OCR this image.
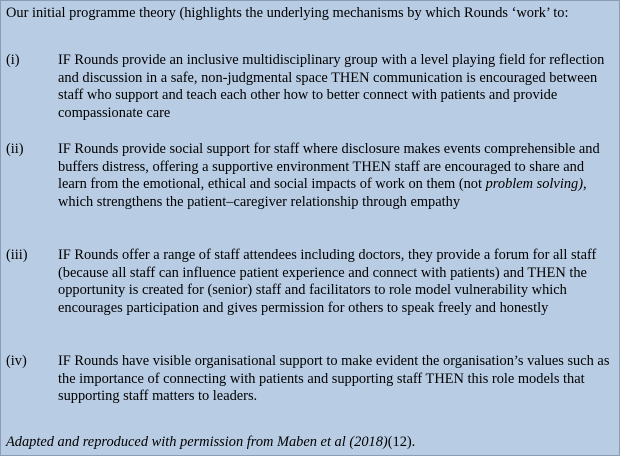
Our initial programme theory (highlights the underlying mechanisms by which Rounds ‘work’ to:

(i)	IF Rounds provide an inclusive multidisciplinary group with a level playing field for reflection and discussion in a safe, non-judgmental space THEN communication is encouraged between staff who support and teach each other how to better connect with patients and provide compassionate care
(ii)	IF Rounds provide social support for staff where disclosure makes events comprehensible and buffers distress, offering a supportive environment THEN staff are encouraged to share and learn from the emotional, ethical and social impacts of work on them (not problem solving), which strengthens the patient–caregiver relationship through empathy
(iii)	IF Rounds offer a range of staff attendees including doctors, they provide a forum for all staff (because all staff can influence patient experience and connect with patients) and THEN the opportunity is created for (senior) staff and facilitators to role model vulnerability which encourages participation and gives permission for others to speak freely and honestly
(iv)	IF Rounds have visible organisational support to make evident the organisation’s values such as the importance of connecting with patients and supporting staff THEN this role models that supporting staff matters to leaders.

Adapted and reproduced with permission from Maben et al (2018)(12).
